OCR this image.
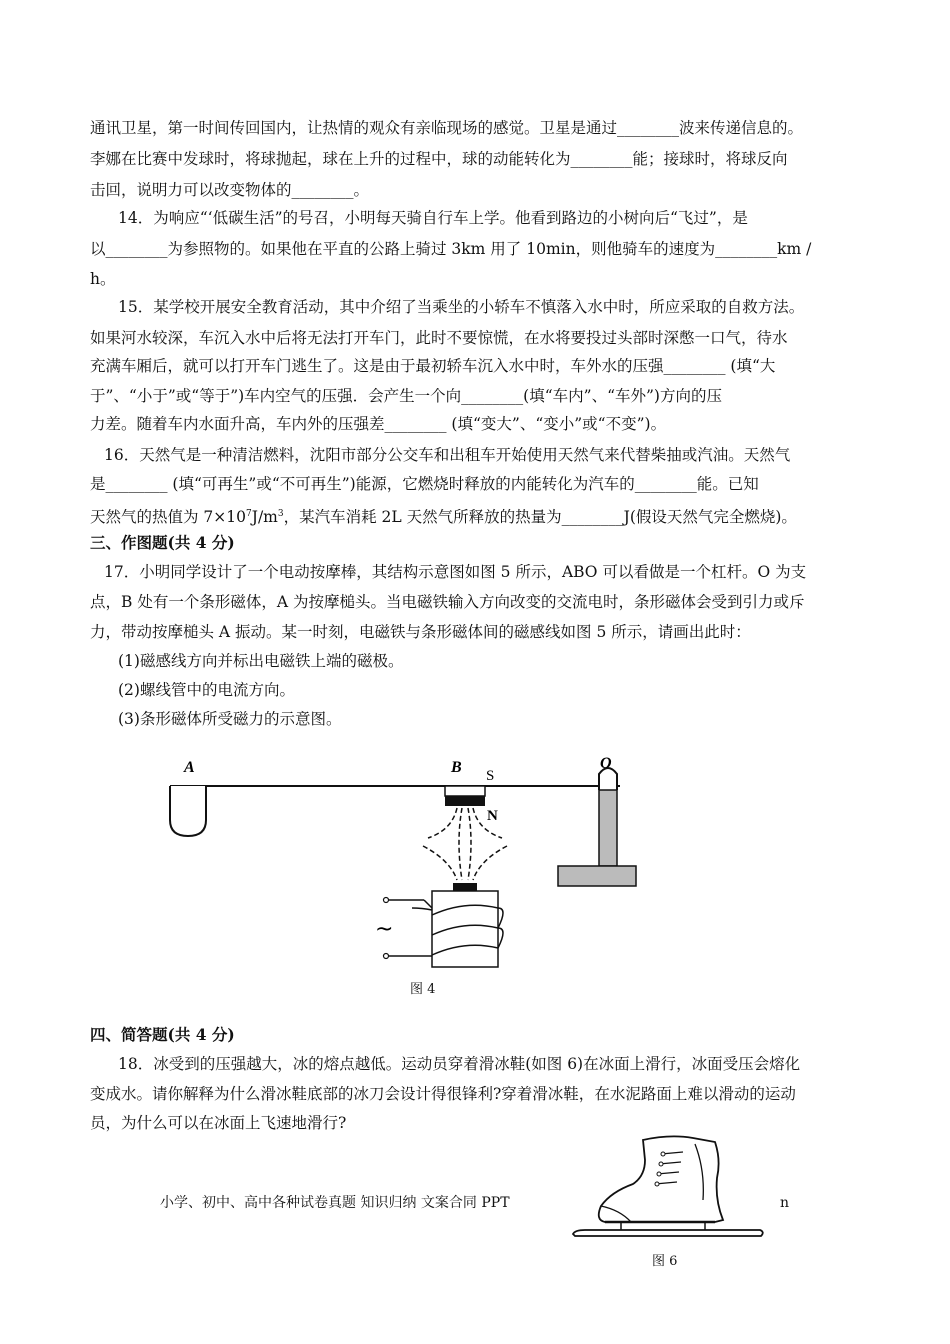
通讯卫星，第一时间传回国内，让热情的观众有亲临现场的感觉。卫星是通过________波来传递信息的。
李娜在比赛中发球时，将球抛起，球在上升的过程中，球的动能转化为________能；接球时，将球反向
击回，说明力可以改变物体的________。
14．为响应“‘低碳生活”的号召，小明每天骑自行车上学。他看到路边的小树向后“飞过”，是
以________为参照物的。如果他在平直的公路上骑过 3km 用了 10min，则他骑车的速度为________km /
h。
15．某学校开展安全教育活动，其中介绍了当乘坐的小轿车不慎落入水中时，所应采取的自救方法。
如果河水较深，车沉入水中后将无法打开车门，此时不要惊慌，在水将要投过头部时深憋一口气，待水
充满车厢后，就可以打开车门逃生了。这是由于最初轿车沉入水中时，车外水的压强________ (填“大
于”、“小于”或“等于”)车内空气的压强．会产生一个向________(填“车内”、“车外”)方向的压
力差。随着车内水面升高，车内外的压强差________ (填“变大”、“变小”或“不变”)。
16．天然气是一种清洁燃料，沈阳市部分公交车和出租车开始使用天然气来代替柴抽或汽油。天然气
是________ (填“可再生”或“不可再生”)能源，它燃烧时释放的内能转化为汽车的________能。已知
天然气的热值为 $7\times 10^7J/m^3$，某汽车消耗 2L 天然气所释放的热量为________J(假设天然气完全燃烧)。
三、作图题(共 4 分)
17．小明同学设计了一个电动按摩棒，其结构示意图如图 5 所示，ABO 可以看做是一个杠杆。O 为支
点，B 处有一个条形磁体，A 为按摩槌头。当电磁铁输入方向改变的交流电时，条形磁体会受到引力或斥
力，带动按摩槌头 A 振动。某一时刻，电磁铁与条形磁体间的磁感线如图 5 所示，请画出此时：
(1)磁感线方向并标出电磁铁上端的磁极。
(2)螺线管中的电流方向。
(3)条形磁体所受磁力的示意图。
A	B S
N
O
~
图 4
四、简答题(共 4 分)
18．冰受到的压强越大，冰的熔点越低。运动员穿着滑冰鞋(如图 6)在冰面上滑行，冰面受压会熔化
变成水。请你解释为什么滑冰鞋底部的冰刀会设计得很锋利?穿着滑冰鞋，在水泥路面上难以滑动的运动
员，为什么可以在冰面上飞速地滑行?
图 6
小学、初中、高中各种试卷真题 知识归纳 文案合同 PPT	n
